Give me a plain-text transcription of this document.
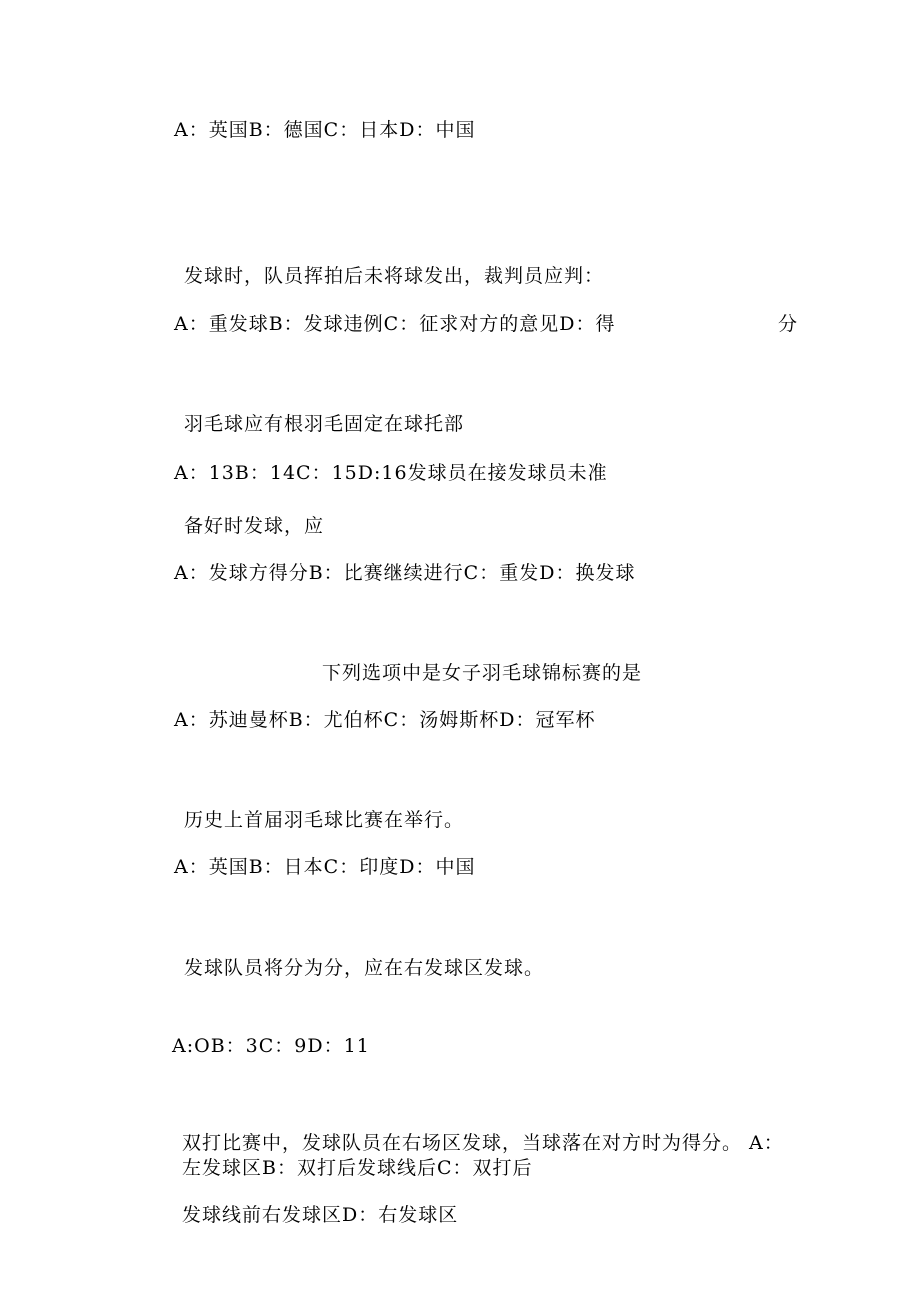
A：英国B：德国C：日本D：中国
发球时，队员挥拍后未将球发出，裁判员应判：
A：重发球B：发球违例C：征求对方的意见D：得	分
羽毛球应有根羽毛固定在球托部
A：13B：14C：15D:16发球员在接发球员未准
备好时发球，应
A：发球方得分B：比赛继续进行C：重发D：换发球
下列选项中是女子羽毛球锦标赛的是
A：苏迪曼杯B：尤伯杯C：汤姆斯杯D：冠军杯
历史上首届羽毛球比赛在举行。
A：英国B：日本C：印度D：中国
发球队员将分为分，应在右发球区发球。
A:OB：3C：9D：11
双打比赛中，发球队员在右场区发球，当球落在对方时为得分。 A：
左发球区B：双打后发球线后C：双打后
发球线前右发球区D：右发球区
